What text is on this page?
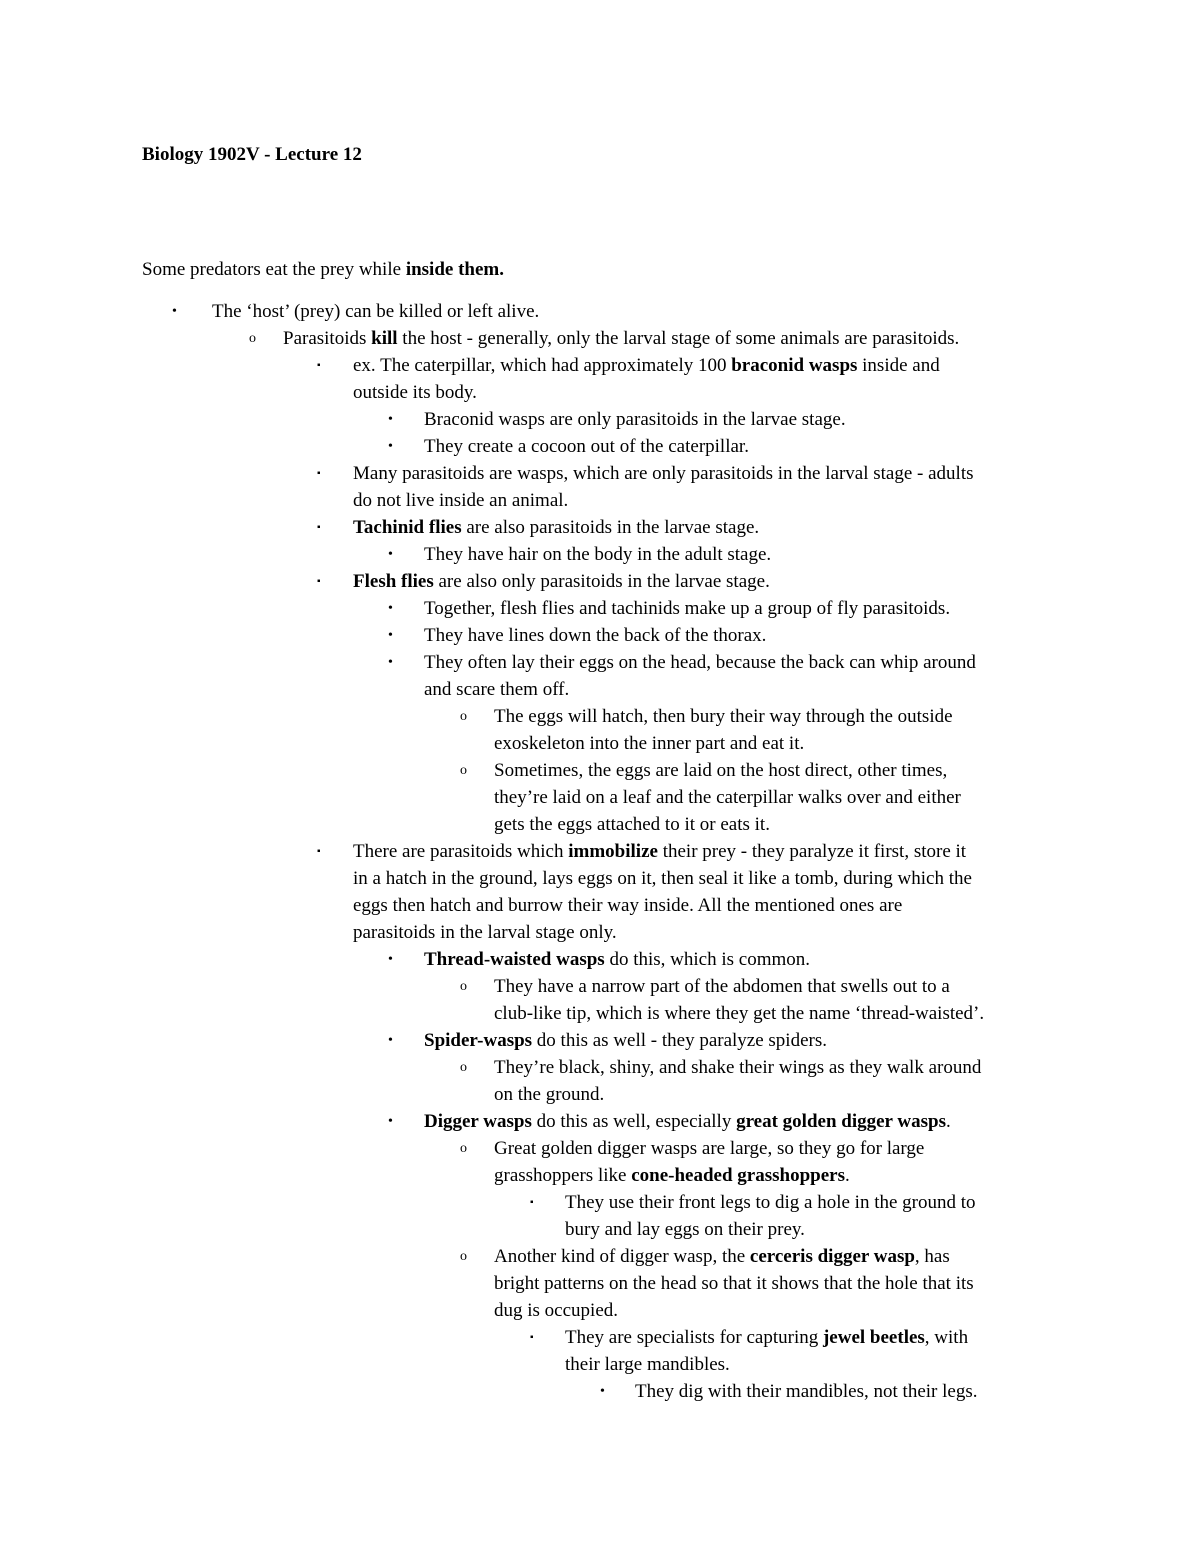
Biology 1902V - Lecture 12
Some predators eat the prey while inside them.
• The ‘host’ (prey) can be killed or left alive.
o Parasitoids kill the host - generally, only the larval stage of some animals are parasitoids.
▪ ex. The caterpillar, which had approximately 100 braconid wasps inside and
outside its body.
• Braconid wasps are only parasitoids in the larvae stage.
• They create a cocoon out of the caterpillar.
▪ Many parasitoids are wasps, which are only parasitoids in the larval stage - adults
do not live inside an animal.
▪ Tachinid flies are also parasitoids in the larvae stage.
• They have hair on the body in the adult stage.
▪ Flesh flies are also only parasitoids in the larvae stage.
• Together, flesh flies and tachinids make up a group of fly parasitoids.
• They have lines down the back of the thorax.
• They often lay their eggs on the head, because the back can whip around
and scare them off.
o The eggs will hatch, then bury their way through the outside
exoskeleton into the inner part and eat it.
o Sometimes, the eggs are laid on the host direct, other times,
they’re laid on a leaf and the caterpillar walks over and either
gets the eggs attached to it or eats it.
▪ There are parasitoids which immobilize their prey - they paralyze it first, store it
in a hatch in the ground, lays eggs on it, then seal it like a tomb, during which the
eggs then hatch and burrow their way inside. All the mentioned ones are
parasitoids in the larval stage only.
• Thread-waisted wasps do this, which is common.
o They have a narrow part of the abdomen that swells out to a
club-like tip, which is where they get the name ‘thread-waisted’.
• Spider-wasps do this as well - they paralyze spiders.
o They’re black, shiny, and shake their wings as they walk around
on the ground.
• Digger wasps do this as well, especially great golden digger wasps.
o Great golden digger wasps are large, so they go for large
grasshoppers like cone-headed grasshoppers.
▪ They use their front legs to dig a hole in the ground to
bury and lay eggs on their prey.
o Another kind of digger wasp, the cerceris digger wasp, has
bright patterns on the head so that it shows that the hole that its
dug is occupied.
▪ They are specialists for capturing jewel beetles, with
their large mandibles.
• They dig with their mandibles, not their legs.
